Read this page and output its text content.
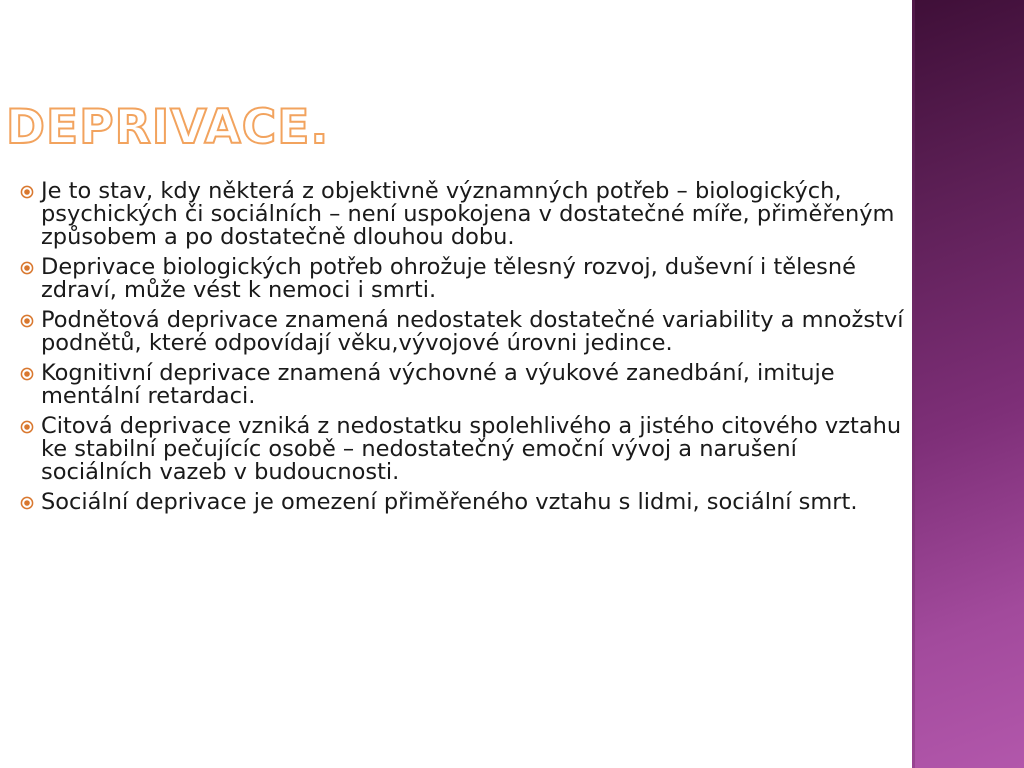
DEPRIVACE.
Je to stav, kdy některá z objektivně významných potřeb – biologických, psychických či sociálních – není uspokojena v dostatečné míře, přiměřeným způsobem a po dostatečně dlouhou dobu.
Deprivace biologických potřeb ohrožuje tělesný rozvoj, duševní i tělesné zdraví, může vést k nemoci i smrti.
Podnětová deprivace znamená nedostatek dostatečné variability a množství podnětů, které odpovídají věku,vývojové úrovni jedince.
Kognitivní deprivace znamená výchovné a výukové zanedbání, imituje mentální retardaci.
Citová deprivace vzniká z nedostatku spolehlivého a jistého citového vztahu ke stabilní pečujícíc osobě – nedostatečný emoční vývoj a narušení sociálních vazeb v budoucnosti.
Sociální deprivace je omezení přiměřeného vztahu s lidmi, sociální smrt.
